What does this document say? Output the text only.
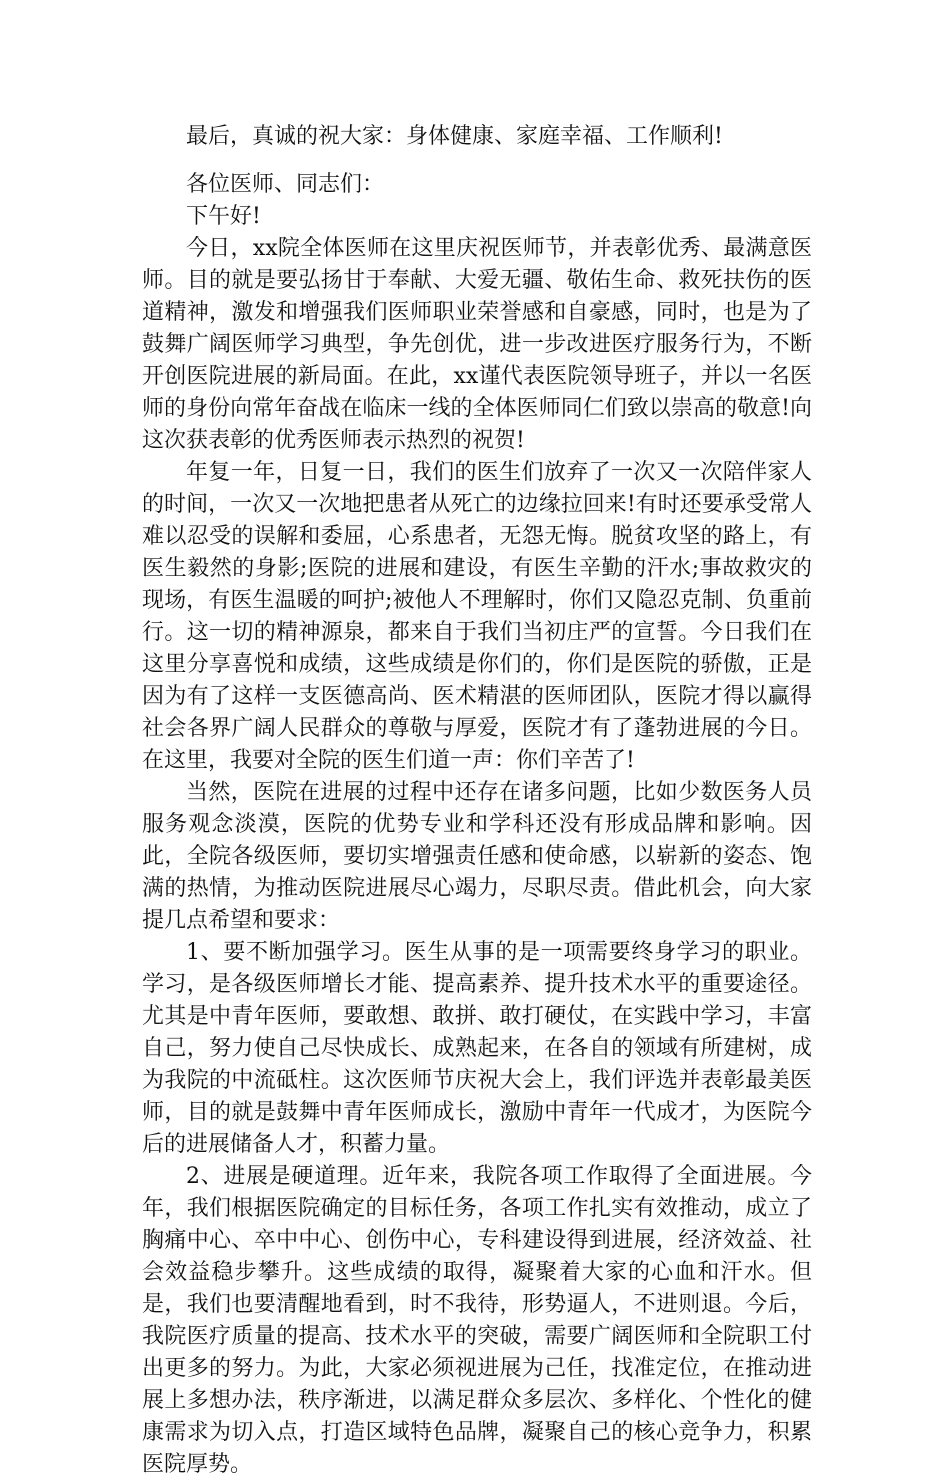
最后，真诚的祝大家：身体健康、家庭幸福、工作顺利!

各位医师、同志们：

下午好!

今日，xx院全体医师在这里庆祝医师节，并表彰优秀、最满意医师。目的就是要弘扬甘于奉献、大爱无疆、敬佑生命、救死扶伤的医道精神，激发和增强我们医师职业荣誉感和自豪感，同时，也是为了鼓舞广阔医师学习典型，争先创优，进一步改进医疗服务行为，不断开创医院进展的新局面。在此，xx谨代表医院领导班子，并以一名医师的身份向常年奋战在临床一线的全体医师同仁们致以崇高的敬意!向这次获表彰的优秀医师表示热烈的祝贺!

年复一年，日复一日，我们的医生们放弃了一次又一次陪伴家人的时间，一次又一次地把患者从死亡的边缘拉回来!有时还要承受常人难以忍受的误解和委屈，心系患者，无怨无悔。脱贫攻坚的路上，有医生毅然的身影;医院的进展和建设，有医生辛勤的汗水;事故救灾的现场，有医生温暖的呵护;被他人不理解时，你们又隐忍克制、负重前行。这一切的精神源泉，都来自于我们当初庄严的宣誓。今日我们在这里分享喜悦和成绩，这些成绩是你们的，你们是医院的骄傲，正是因为有了这样一支医德高尚、医术精湛的医师团队，医院才得以赢得社会各界广阔人民群众的尊敬与厚爱，医院才有了蓬勃进展的今日。在这里，我要对全院的医生们道一声：你们辛苦了!

当然，医院在进展的过程中还存在诸多问题，比如少数医务人员服务观念淡漠，医院的优势专业和学科还没有形成品牌和影响。因此，全院各级医师，要切实增强责任感和使命感，以崭新的姿态、饱满的热情，为推动医院进展尽心竭力，尽职尽责。借此机会，向大家提几点希望和要求：

1、要不断加强学习。医生从事的是一项需要终身学习的职业。学习，是各级医师增长才能、提高素养、提升技术水平的重要途径。尤其是中青年医师，要敢想、敢拼、敢打硬仗，在实践中学习，丰富自己，努力使自己尽快成长、成熟起来，在各自的领域有所建树，成为我院的中流砥柱。这次医师节庆祝大会上，我们评选并表彰最美医师，目的就是鼓舞中青年医师成长，激励中青年一代成才，为医院今后的进展储备人才，积蓄力量。

2、进展是硬道理。近年来，我院各项工作取得了全面进展。今年，我们根据医院确定的目标任务，各项工作扎实有效推动，成立了胸痛中心、卒中中心、创伤中心，专科建设得到进展，经济效益、社会效益稳步攀升。这些成绩的取得，凝聚着大家的心血和汗水。但是，我们也要清醒地看到，时不我待，形势逼人，不进则退。今后，我院医疗质量的提高、技术水平的突破，需要广阔医师和全院职工付出更多的努力。为此，大家必须视进展为己任，找准定位，在推动进展上多想办法，秩序渐进，以满足群众多层次、多样化、个性化的健康需求为切入点，打造区域特色品牌，凝聚自己的核心竞争力，积累医院厚势。
